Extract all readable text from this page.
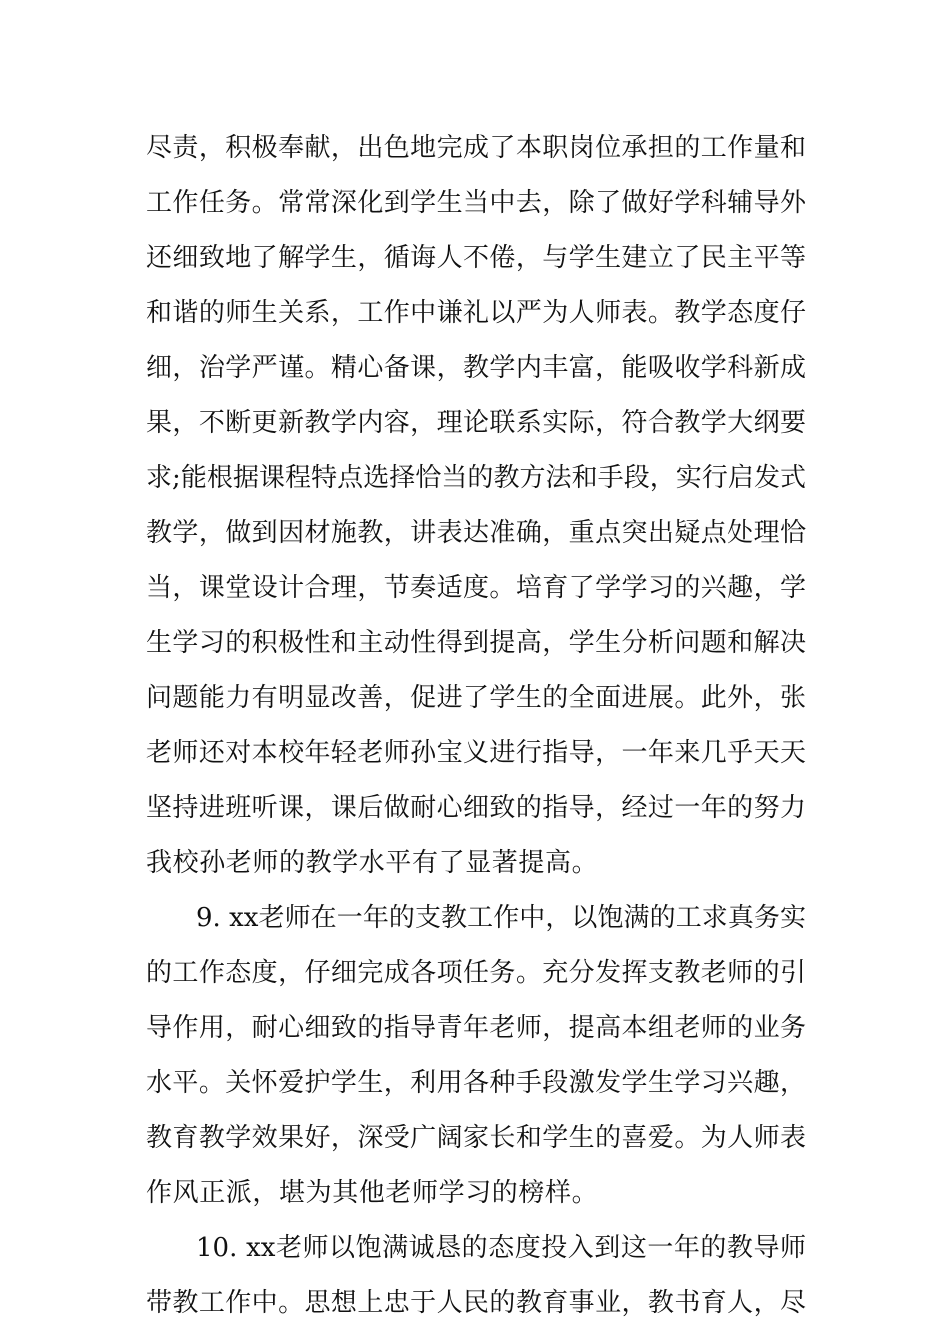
尽责，积极奉献，出色地完成了本职岗位承担的工作量和
工作任务。常常深化到学生当中去，除了做好学科辅导外
还细致地了解学生，循诲人不倦，与学生建立了民主平等
和谐的师生关系，工作中谦礼以严为人师表。教学态度仔
细，治学严谨。精心备课，教学内丰富，能吸收学科新成
果，不断更新教学内容，理论联系实际，符合教学大纲要
求;能根据课程特点选择恰当的教方法和手段，实行启发式
教学，做到因材施教，讲表达准确，重点突出疑点处理恰
当，课堂设计合理，节奏适度。培育了学学习的兴趣，学
生学习的积极性和主动性得到提高，学生分析问题和解决
问题能力有明显改善，促进了学生的全面进展。此外，张
老师还对本校年轻老师孙宝义进行指导，一年来几乎天天
坚持进班听课，课后做耐心细致的指导，经过一年的努力
我校孙老师的教学水平有了显著提高。
9. xx老师在一年的支教工作中，以饱满的工求真务实
的工作态度，仔细完成各项任务。充分发挥支教老师的引
导作用，耐心细致的指导青年老师，提高本组老师的业务
水平。关怀爱护学生，利用各种手段激发学生学习兴趣，
教育教学效果好，深受广阔家长和学生的喜爱。为人师表
作风正派，堪为其他老师学习的榜样。
10. xx老师以饱满诚恳的态度投入到这一年的教导师
带教工作中。思想上忠于人民的教育事业，教书育人，尽
